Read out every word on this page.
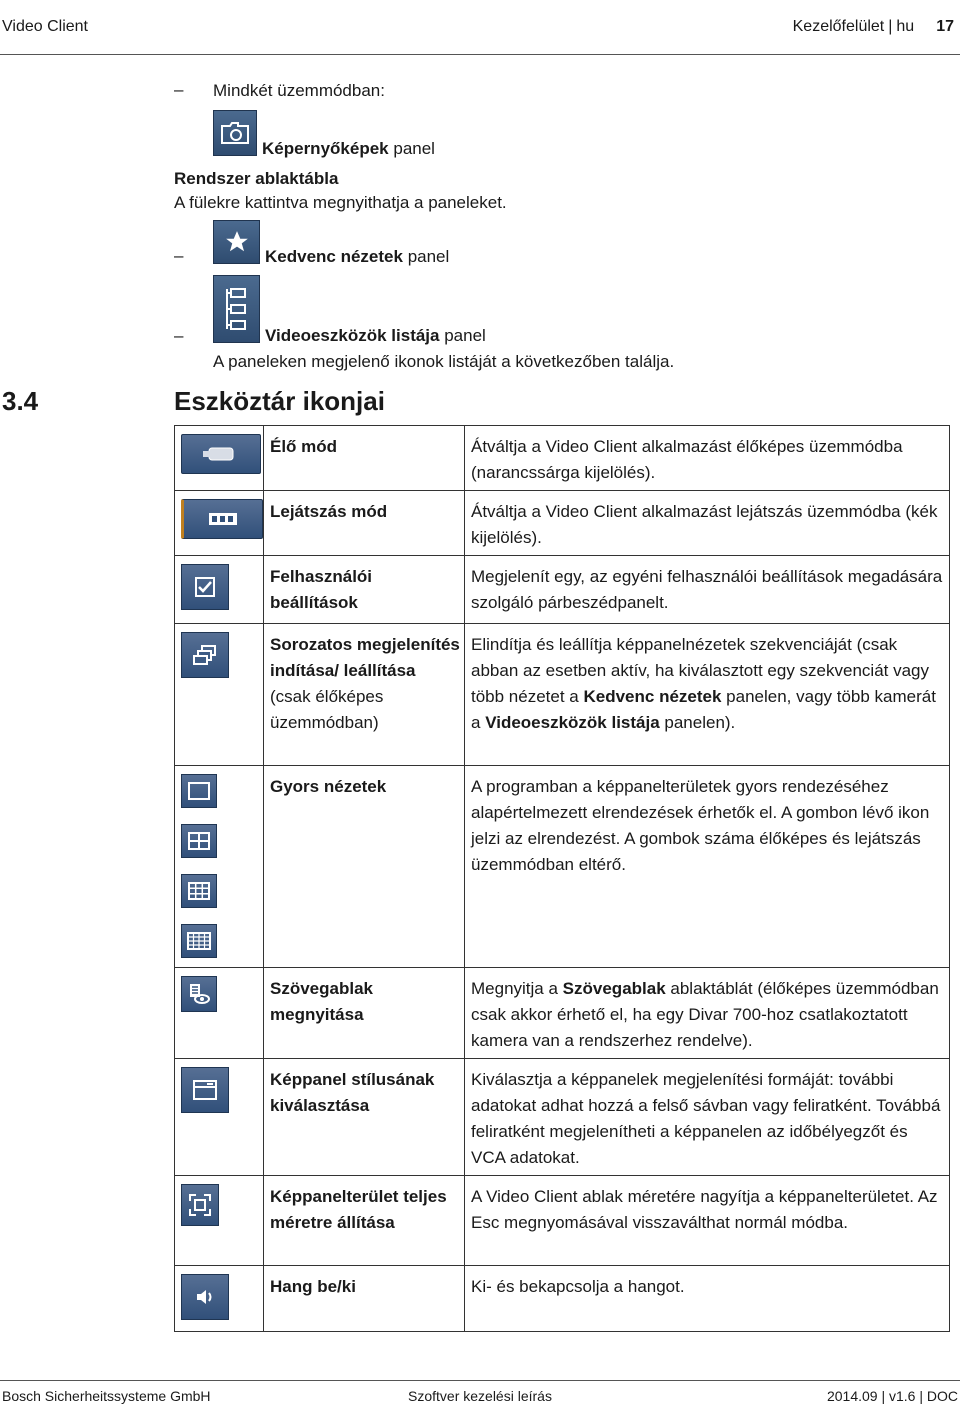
Video Client	Kezelőfelület | hu 17
– Mindkét üzemmódban:
Képernyőképek panel
Rendszer ablaktábla
A fülekre kattintva megnyithatja a paneleket.
–	Kedvenc nézetek panel
–	Videoeszközök listája panel
A paneleken megjelenő ikonok listáját a következőben találja.
3.4	Eszköztár ikonjai
	Élő mód	Átváltja a Video Client alkalmazást élőképes üzemmódba (narancssárga kijelölés).

	Lejátszás mód	Átváltja a Video Client alkalmazást lejátszás üzemmódba (kék kijelölés).

	Felhasználói beállítások	Megjelenít egy, az egyéni felhasználói beállítások megadására szolgáló párbeszédpanelt.

	Sorozatos megjelenítés indítása/ leállítása
(csak élőképes üzemmódban)	Elindítja és leállítja képpanelnézetek szekvenciáját (csak abban az esetben aktív, ha kiválasztott egy szekvenciát vagy több nézetet a Kedvenc nézetek panelen, vagy több kamerát a Videoeszközök listája panelen).

	Gyors nézetek	A programban a képpanelterületek gyors rendezéséhez alapértelmezett elrendezések érhetők el. A gombon lévő ikon jelzi az elrendezést. A gombok száma élőképes és lejátszás üzemmódban eltérő.

	Szövegablak megnyitása	Megnyitja a Szövegablak ablaktáblát (élőképes üzemmódban csak akkor érhető el, ha egy Divar 700-hoz csatlakoztatott kamera van a rendszerhez rendelve).

	Képpanel stílusának kiválasztása	Kiválasztja a képpanelek megjelenítési formáját: további adatokat adhat hozzá a felső sávban vagy feliratként. Továbbá feliratként megjelenítheti a képpanelen az időbélyegzőt és VCA adatokat.

	Képpanelterület teljes méretre állítása	A Video Client ablak méretére nagyítja a képpanelterületet. Az Esc megnyomásával visszaválthat normál módba.

	Hang be/ki	Ki- és bekapcsolja a hangot.
Bosch Sicherheitssysteme GmbH	Szoftver kezelési leírás	2014.09 | v1.6 | DOC
